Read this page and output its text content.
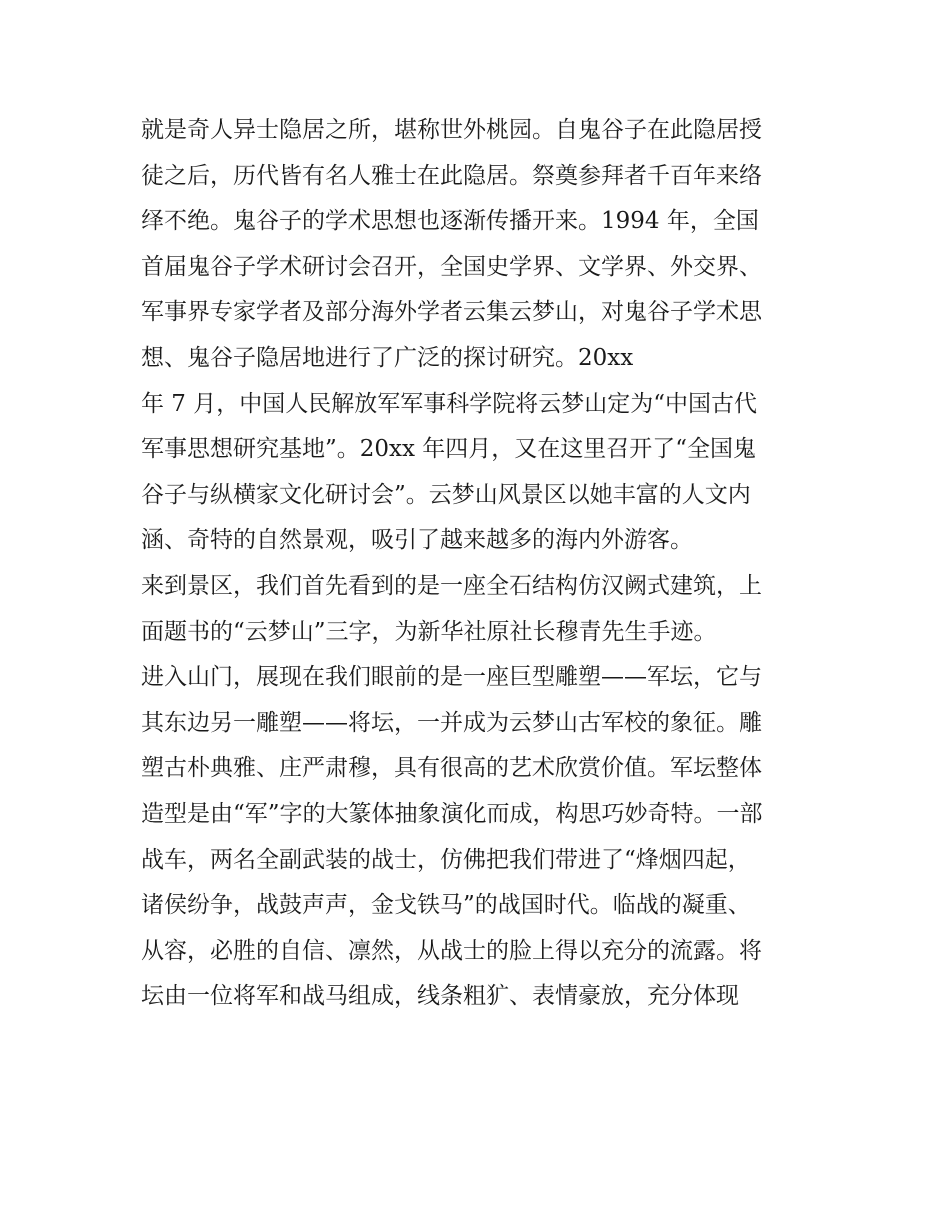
就是奇人异士隐居之所，堪称世外桃园。自鬼谷子在此隐居授
徒之后，历代皆有名人雅士在此隐居。祭奠参拜者千百年来络
绎不绝。鬼谷子的学术思想也逐渐传播开来。1994 年，全国
首届鬼谷子学术研讨会召开，全国史学界、文学界、外交界、
军事界专家学者及部分海外学者云集云梦山，对鬼谷子学术思
想、鬼谷子隐居地进行了广泛的探讨研究。20xx
年 7 月，中国人民解放军军事科学院将云梦山定为“中国古代
军事思想研究基地”。20xx 年四月，又在这里召开了“全国鬼
谷子与纵横家文化研讨会”。云梦山风景区以她丰富的人文内
涵、奇特的自然景观，吸引了越来越多的海内外游客。
来到景区，我们首先看到的是一座全石结构仿汉阙式建筑，上
面题书的“云梦山”三字，为新华社原社长穆青先生手迹。
进入山门，展现在我们眼前的是一座巨型雕塑——军坛，它与
其东边另一雕塑——将坛，一并成为云梦山古军校的象征。雕
塑古朴典雅、庄严肃穆，具有很高的艺术欣赏价值。军坛整体
造型是由“军”字的大篆体抽象演化而成，构思巧妙奇特。一部
战车，两名全副武装的战士，仿佛把我们带进了“烽烟四起，
诸侯纷争，战鼓声声，金戈铁马”的战国时代。临战的凝重、
从容，必胜的自信、凛然，从战士的脸上得以充分的流露。将
坛由一位将军和战马组成，线条粗犷、表情豪放，充分体现
